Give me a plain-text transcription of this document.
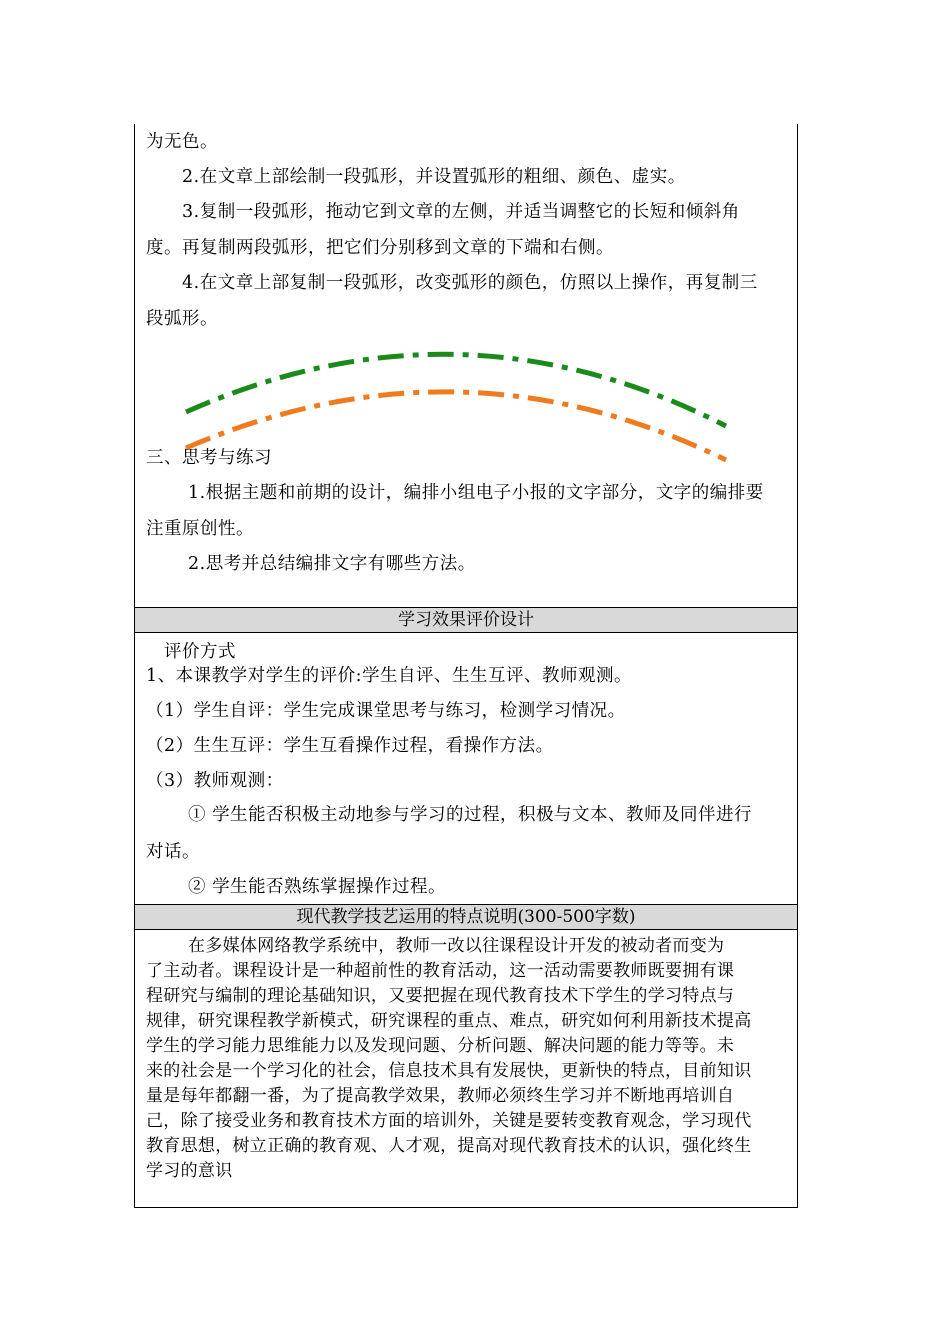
为无色。
2.在文章上部绘制一段弧形，并设置弧形的粗细、颜色、虚实。
3.复制一段弧形，拖动它到文章的左侧，并适当调整它的长短和倾斜角
度。再复制两段弧形，把它们分别移到文章的下端和右侧。
4.在文章上部复制一段弧形，改变弧形的颜色，仿照以上操作，再复制三
段弧形。
三、思考与练习
1.根据主题和前期的设计，编排小组电子小报的文字部分，文字的编排要
注重原创性。
2.思考并总结编排文字有哪些方法。
学习效果评价设计
评价方式
1、本课教学对学生的评价:学生自评、生生互评、教师观测。
（1）学生自评：学生完成课堂思考与练习，检测学习情况。
（2）生生互评：学生互看操作过程，看操作方法。
（3）教师观测：
① 学生能否积极主动地参与学习的过程，积极与文本、教师及同伴进行
对话。
② 学生能否熟练掌握操作过程。
现代教学技艺运用的特点说明(300-500字数)
在多媒体网络教学系统中，教师一改以往课程设计开发的被动者而变为
了主动者。课程设计是一种超前性的教育活动，这一活动需要教师既要拥有课
程研究与编制的理论基础知识，又要把握在现代教育技术下学生的学习特点与
规律，研究课程教学新模式，研究课程的重点、难点，研究如何利用新技术提高
学生的学习能力思维能力以及发现问题、分析问题、解决问题的能力等等。未
来的社会是一个学习化的社会，信息技术具有发展快，更新快的特点，目前知识
量是每年都翻一番，为了提高教学效果，教师必须终生学习并不断地再培训自
己，除了接受业务和教育技术方面的培训外，关键是要转变教育观念，学习现代
教育思想，树立正确的教育观、人才观，提高对现代教育技术的认识，强化终生
学习的意识
